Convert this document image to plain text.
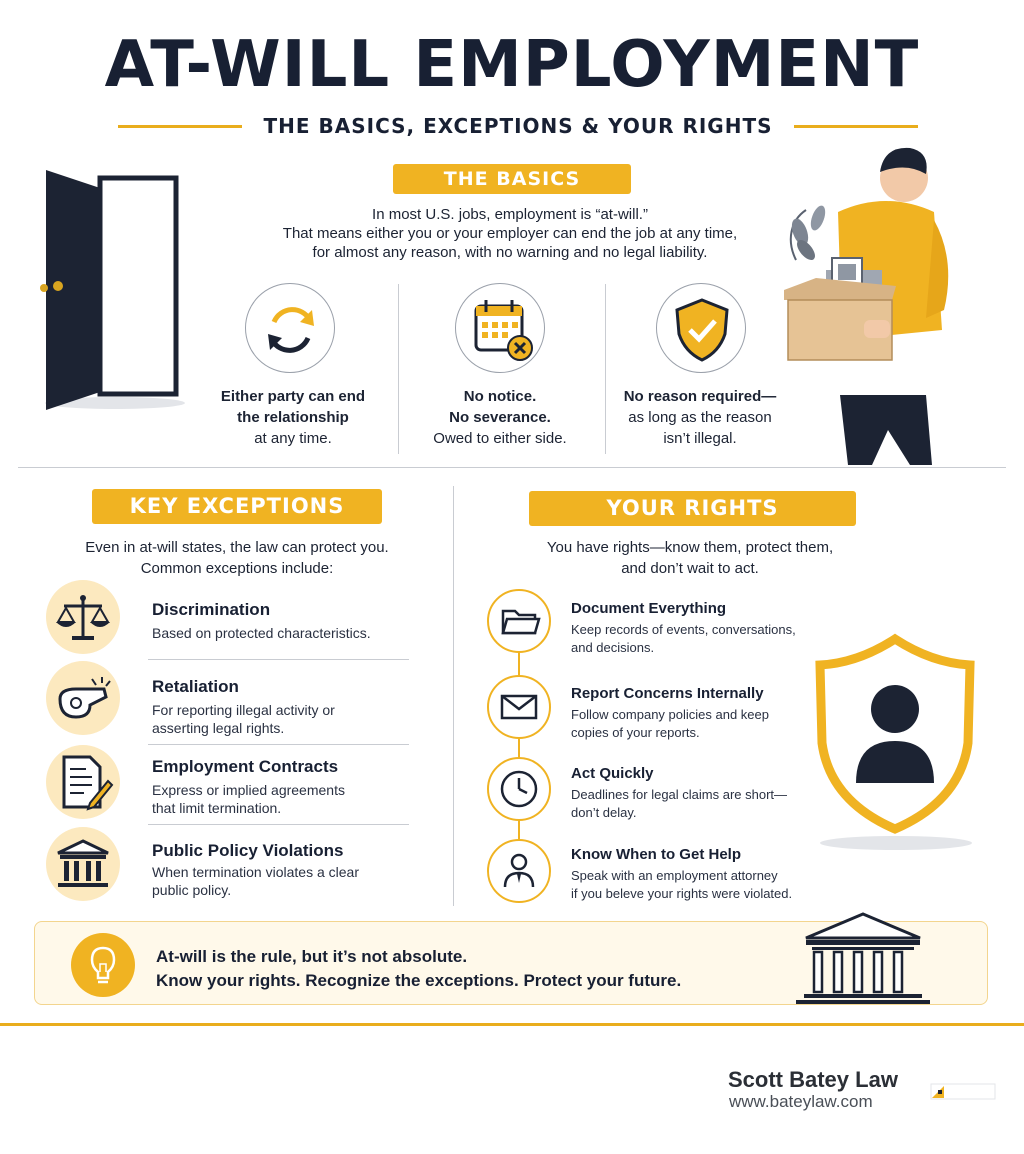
AT-WILL EMPLOYMENT
THE BASICS, EXCEPTIONS & YOUR RIGHTS
THE BASICS
In most U.S. jobs, employment is “at-will.”
That means either you or your employer can end the job at any time,
for almost any reason, with no warning and no legal liability.
Either party can end
the relationship
at any time.
No notice.
No severance.
Owed to either side.
No reason required—
as long as the reason
isn’t illegal.
KEY EXCEPTIONS
Even in at-will states, the law can protect you.
Common exceptions include:
Discrimination
Based on protected characteristics.
Retaliation
For reporting illegal activity or
asserting legal rights.
Employment Contracts
Express or implied agreements
that limit termination.
Public Policy Violations
When termination violates a clear
public policy.
YOUR RIGHTS
You have rights—know them, protect them,
and don’t wait to act.
Document Everything
Keep records of events, conversations,
and decisions.
Report Concerns Internally
Follow company policies and keep
copies of your reports.
Act Quickly
Deadlines for legal claims are short—
don’t delay.
Know When to Get Help
Speak with an employment attorney
if you beleve your rights were violated.
At-will is the rule, but it’s not absolute.
Know your rights. Recognize the exceptions. Protect your future.
Scott Batey Law
www.bateylaw.com
